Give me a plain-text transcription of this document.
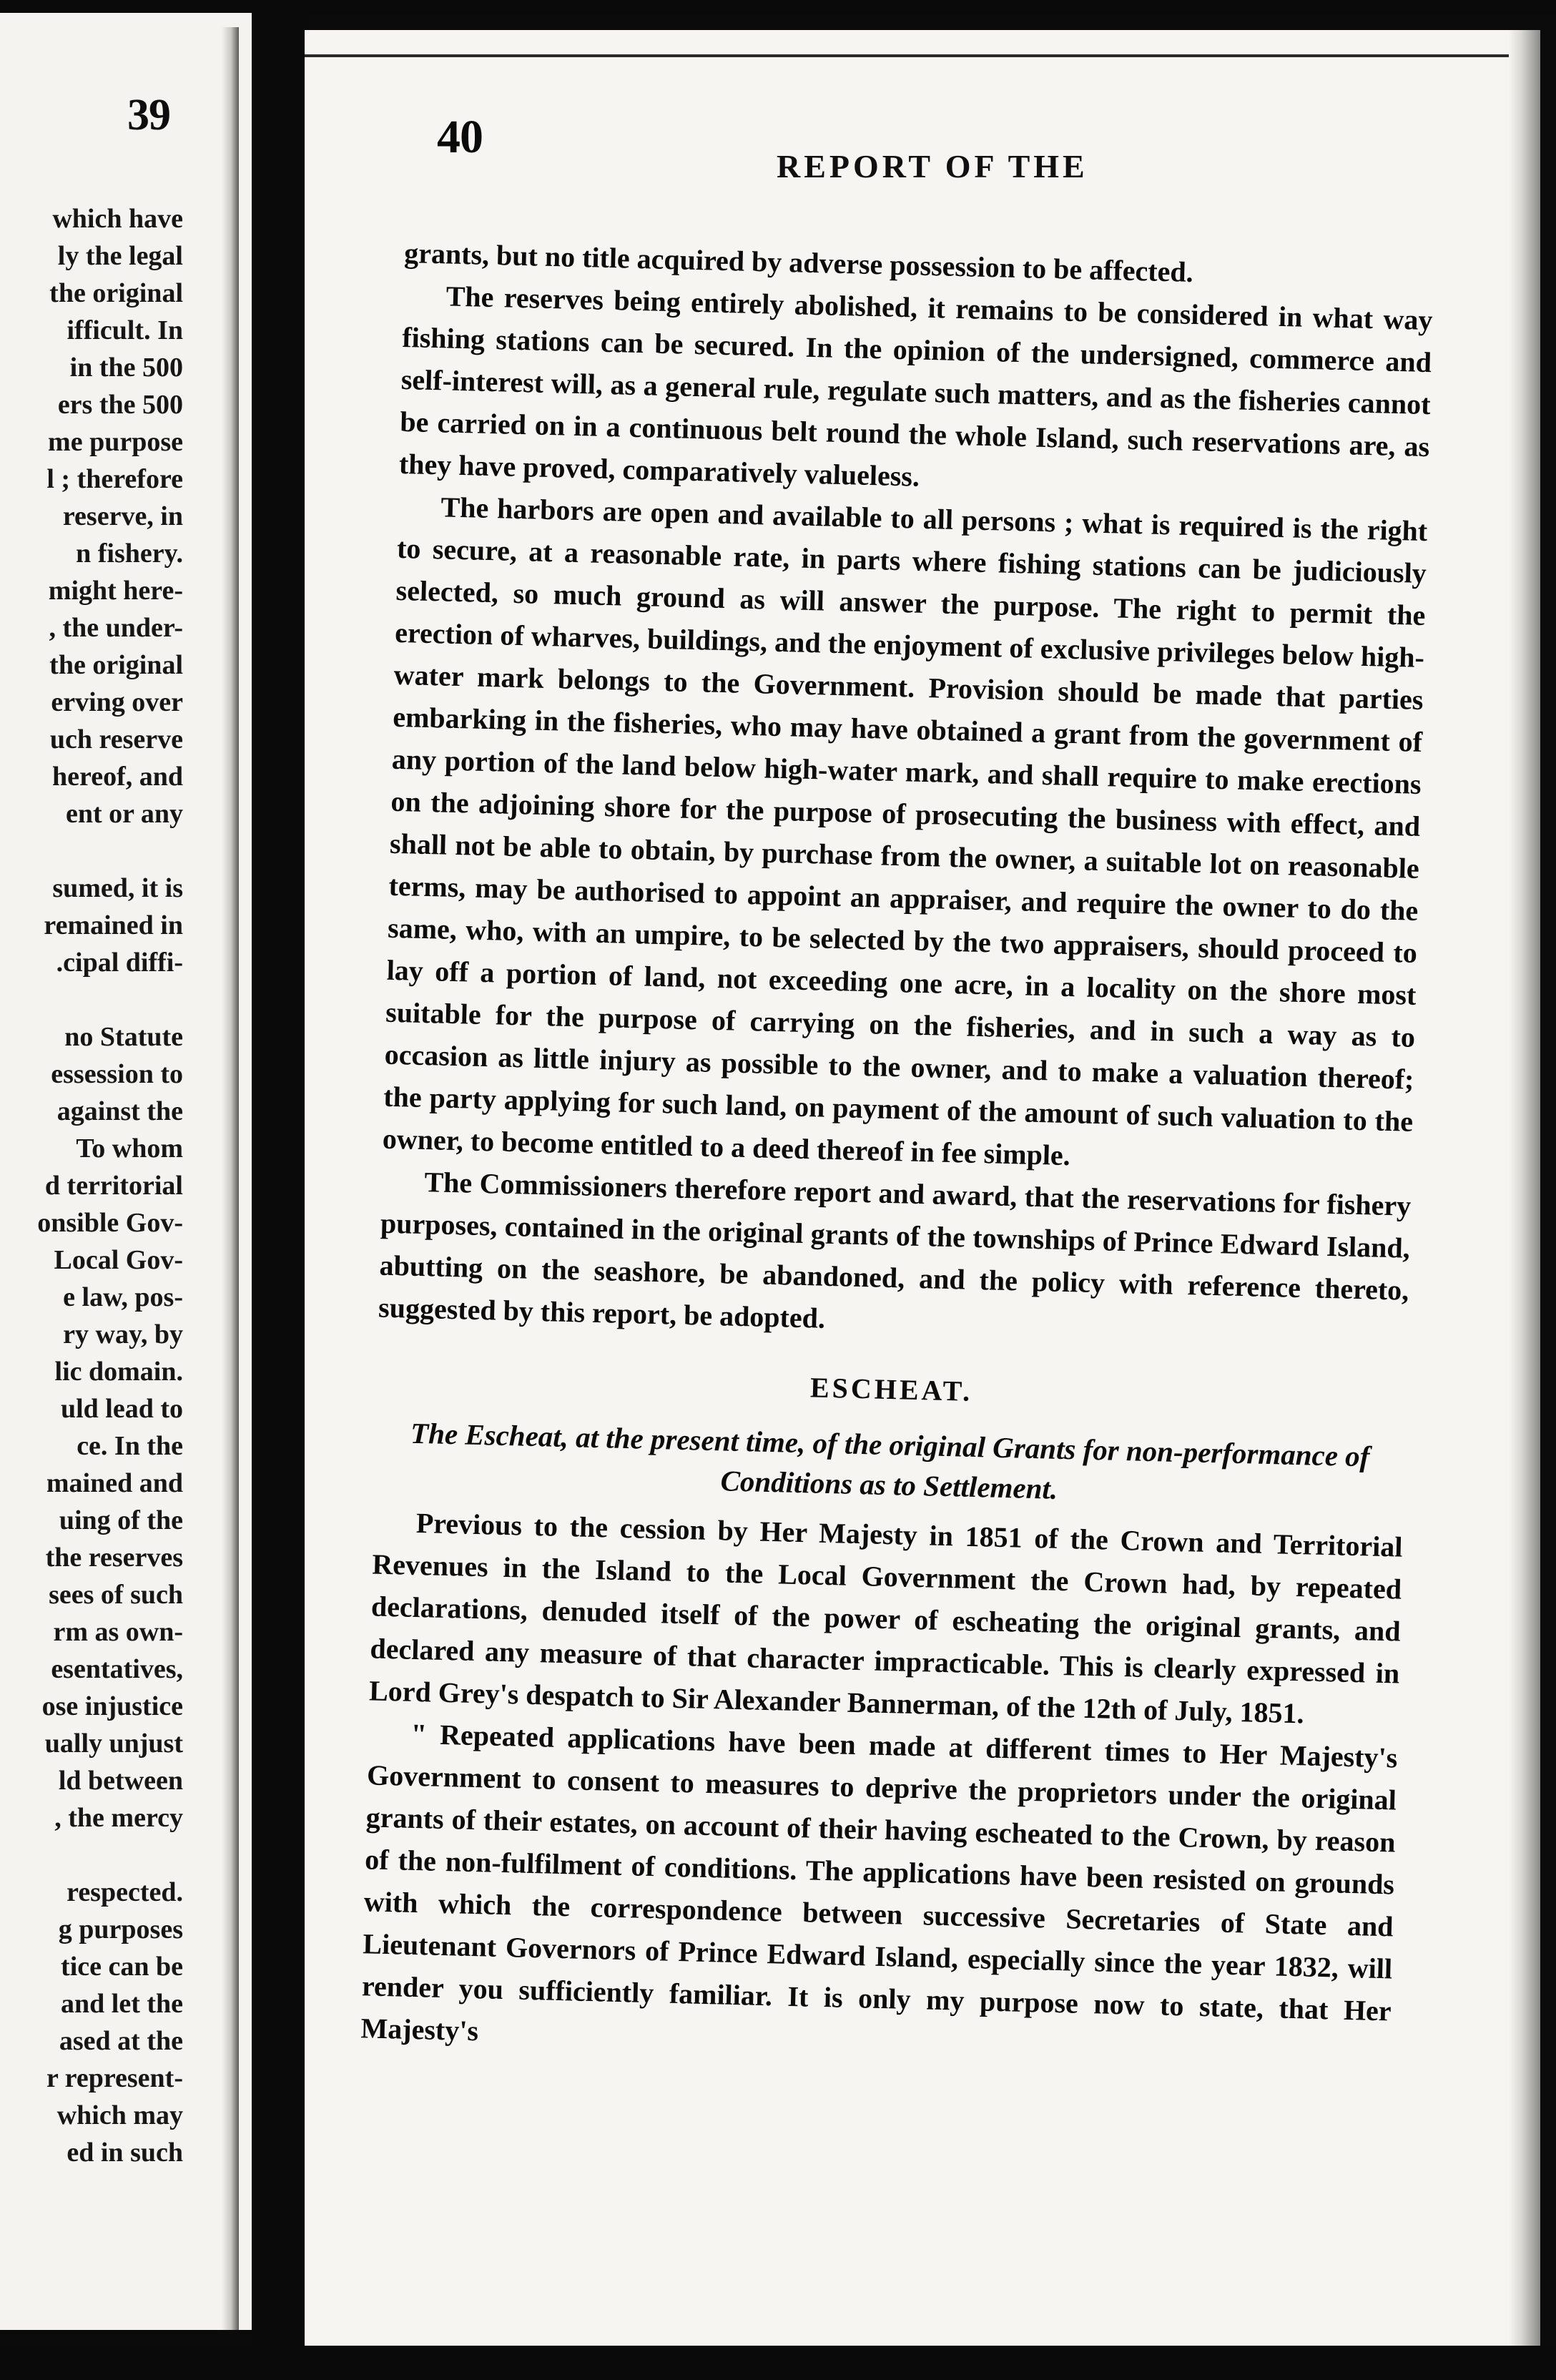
39
which have
ly the legal
the original
ifficult. In
in the 500
ers the 500
me purpose
l ; therefore
reserve, in
n fishery.
might here-
, the under-
the original
erving over
uch reserve
hereof, and
ent or any
sumed, it is
remained in
.cipal diffi-
no Statute
essession to
against the
To whom
d territorial
onsible Gov-
Local Gov-
e law, pos-
ry way, by
lic domain.
uld lead to
ce. In the
mained and
uing of the
the reserves
sees of such
rm as own-
esentatives,
ose injustice
ually unjust
ld between
, the mercy
respected.
g purposes
tice can be
and let the
ased at the
r represent-
which may
ed in such
40
REPORT OF THE

grants, but no title acquired by adverse possession to be affected.

The reserves being entirely abolished, it remains to be considered in what way fishing stations can be secured. In the opinion of the undersigned, commerce and self-interest will, as a general rule, regulate such matters, and as the fisheries cannot be carried on in a continuous belt round the whole Island, such reservations are, as they have proved, comparatively valueless.

The harbors are open and available to all persons ; what is required is the right to secure, at a reasonable rate, in parts where fishing stations can be judiciously selected, so much ground as will answer the purpose. The right to permit the erection of wharves, buildings, and the enjoyment of exclusive privileges below high-water mark belongs to the Government. Provision should be made that parties embarking in the fisheries, who may have obtained a grant from the government of any portion of the land below high-water mark, and shall require to make erections on the adjoining shore for the purpose of prosecuting the business with effect, and shall not be able to obtain, by purchase from the owner, a suitable lot on reasonable terms, may be authorised to appoint an appraiser, and require the owner to do the same, who, with an umpire, to be selected by the two appraisers, should proceed to lay off a portion of land, not exceeding one acre, in a locality on the shore most suitable for the purpose of carrying on the fisheries, and in such a way as to occasion as little injury as possible to the owner, and to make a valuation thereof; the party applying for such land, on payment of the amount of such valuation to the owner, to become entitled to a deed thereof in fee simple.

The Commissioners therefore report and award, that the reservations for fishery purposes, contained in the original grants of the townships of Prince Edward Island, abutting on the seashore, be abandoned, and the policy with reference thereto, suggested by this report, be adopted.

ESCHEAT.
The Escheat, at the present time, of the original Grants for non-performance of Conditions as to Settlement.

Previous to the cession by Her Majesty in 1851 of the Crown and Territorial Revenues in the Island to the Local Government the Crown had, by repeated declarations, denuded itself of the power of escheating the original grants, and declared any measure of that character impracticable. This is clearly expressed in Lord Grey's despatch to Sir Alexander Bannerman, of the 12th of July, 1851.

" Repeated applications have been made at different times to Her Majesty's Government to consent to measures to deprive the proprietors under the original grants of their estates, on account of their having escheated to the Crown, by reason of the non-fulfilment of conditions. The applications have been resisted on grounds with which the correspondence between successive Secretaries of State and Lieutenant Governors of Prince Edward Island, especially since the year 1832, will render you sufficiently familiar. It is only my purpose now to state, that Her Majesty's
